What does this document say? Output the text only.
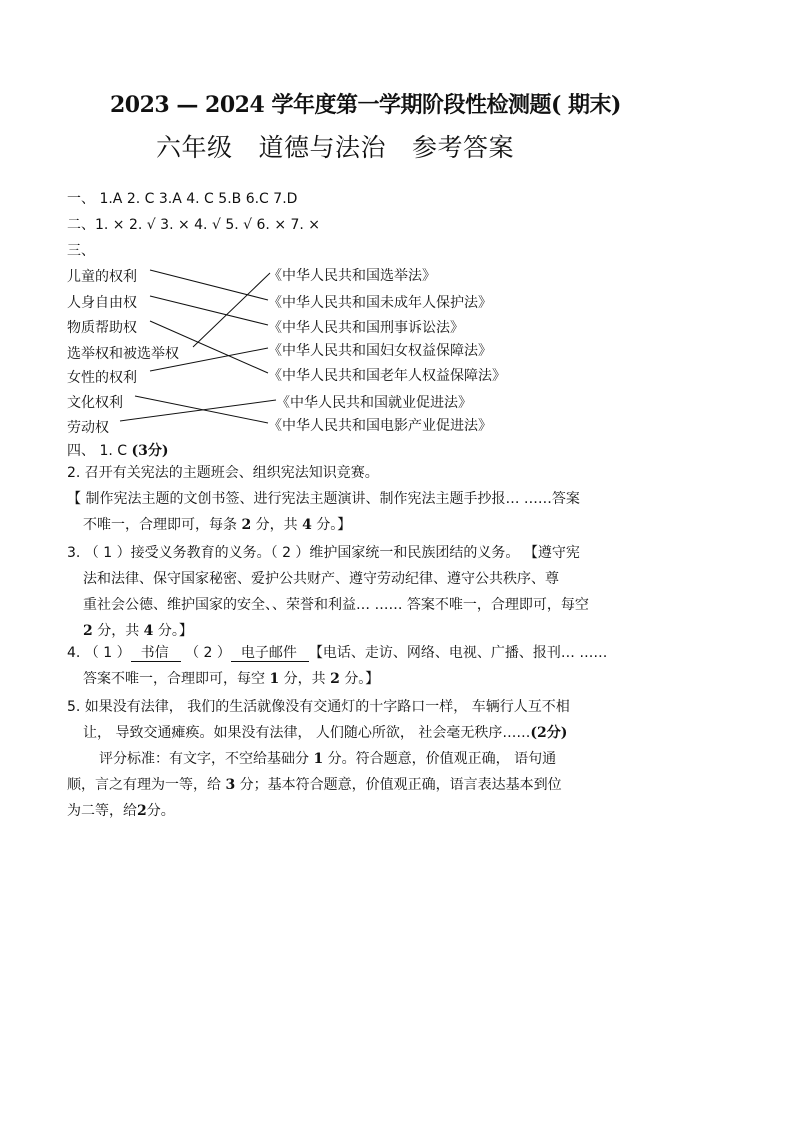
2023 — 2024 学年度第一学期阶段性检测题( 期末)
六年级 道德与法治 参考答案
一、 1.A 2. C 3.A 4. C 5.B 6.C 7.D
二、1. × 2. √ 3. × 4. √ 5. √ 6. × 7. ×
三、
儿童的权利
人身自由权
物质帮助权
选举权和被选举权
女性的权利
文化权利
劳动权
《中华人民共和国选举法》
《中华人民共和国未成年人保护法》
《中华人民共和国刑事诉讼法》
《中华人民共和国妇女权益保障法》
《中华人民共和国老年人权益保障法》
《中华人民共和国就业促进法》
《中华人民共和国电影产业促进法》
四、 1. C (3分)
2. 召开有关宪法的主题班会、组织宪法知识竞赛。
【 制作宪法主题的文创书签、进行宪法主题演讲、制作宪法主题手抄报… ……答案
不唯一，合理即可，每条 2 分，共 4 分。】
3. （ 1 ）接受义务教育的义务。（ 2 ）维护国家统一和民族团结的义务。 【遵守宪
法和法律、保守国家秘密、爱护公共财产、遵守劳动纪律、遵守公共秩序、尊
重社会公德、维护国家的安全、、荣誉和利益… …… 答案不唯一，合理即可，每空
2 分，共 4 分。】
4. （ 1 ） 书信 （ 2 ） 电子邮件 【电话、走访、网络、电视、广播、报刊… ……
答案不唯一，合理即可，每空 1 分，共 2 分。】
5. 如果没有法律， 我们的生活就像没有交通灯的十字路口一样， 车辆行人互不相
让， 导致交通瘫痪。如果没有法律， 人们随心所欲， 社会毫无秩序……(2分)
评分标准：有文字，不空给基础分 1 分。符合题意，价值观正确， 语句通
顺，言之有理为一等，给 3 分；基本符合题意，价值观正确，语言表达基本到位
为二等，给2分。
